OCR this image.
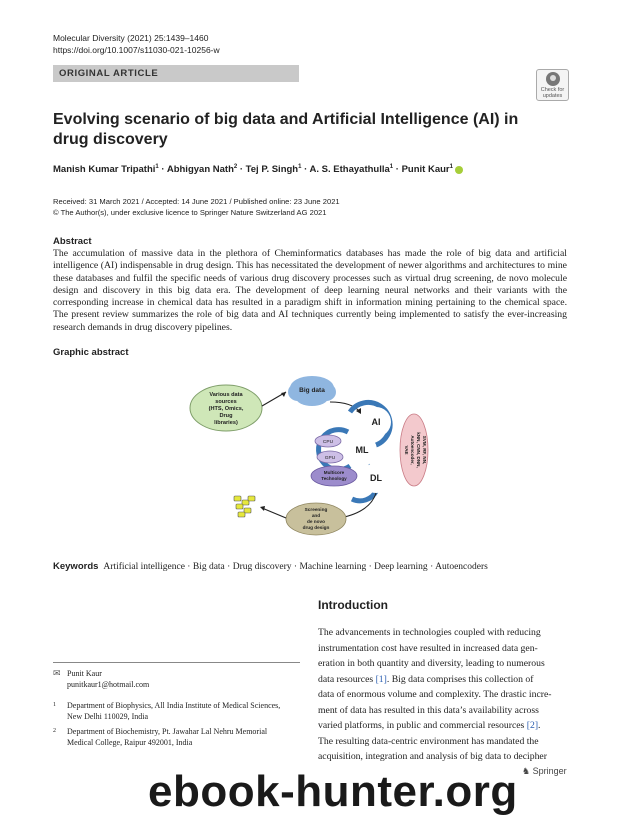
Molecular Diversity (2021) 25:1439–1460
https://doi.org/10.1007/s11030-021-10256-w
ORIGINAL ARTICLE
Check for
updates
Evolving scenario of big data and Artificial Intelligence (AI) in drug discovery
Manish Kumar Tripathi$^1$ · Abhigyan Nath$^2$ · Tej P. Singh$^1$ · A. S. Ethayathulla$^1$ · Punit Kaur$^1$
Received: 31 March 2021 / Accepted: 14 June 2021 / Published online: 23 June 2021
© The Author(s), under exclusive licence to Springer Nature Switzerland AG 2021
Abstract
The accumulation of massive data in the plethora of Cheminformatics databases has made the role of big data and artificial intelligence (AI) indispensable in drug design. This has necessitated the development of newer algorithms and architectures to mine these databases and fulfil the specific needs of various drug discovery processes such as virtual drug screening, de novo molecule design and discovery in this big data era. The development of deep learning neural networks and their variants with the corresponding increase in chemical data has resulted in a paradigm shift in information mining pertaining to the chemical space. The present review summarizes the role of big data and AI techniques currently being implemented to satisfy the ever-increasing research demands in drug discovery pipelines.
Graphic abstract
Various data
sources
(HTS, Omics,
Drug
libraries)
Big data
AI
ML
DL
CPU
GPU
Multicore
Technology
SVM, RF, NN,
kNN, CNN, DNN,
Autoencoder,
VAE
Screening
and
de novo
drug design
Keywords Artificial intelligence · Big data · Drug discovery · Machine learning · Deep learning · Autoencoders
Introduction
The advancements in technologies coupled with reducing
instrumentation cost have resulted in increased data gen-
eration in both quantity and diversity, leading to numerous
data resources [1]. Big data comprises this collection of
data of enormous volume and complexity. The drastic incre-
ment of data has resulted in this data’s availability across
varied platforms, in public and commercial resources [2].
The resulting data-centric environment has mandated the
acquisition, integration and analysis of big data to decipher
✉ Punit Kaur
punitkaur1@hotmail.com
1	Department of Biophysics, All India Institute of Medical Sciences, New Delhi 110029, India
2	Department of Biochemistry, Pt. Jawahar Lal Nehru Memorial Medical College, Raipur 492001, India
ebook-hunter.org ♞ Springer
